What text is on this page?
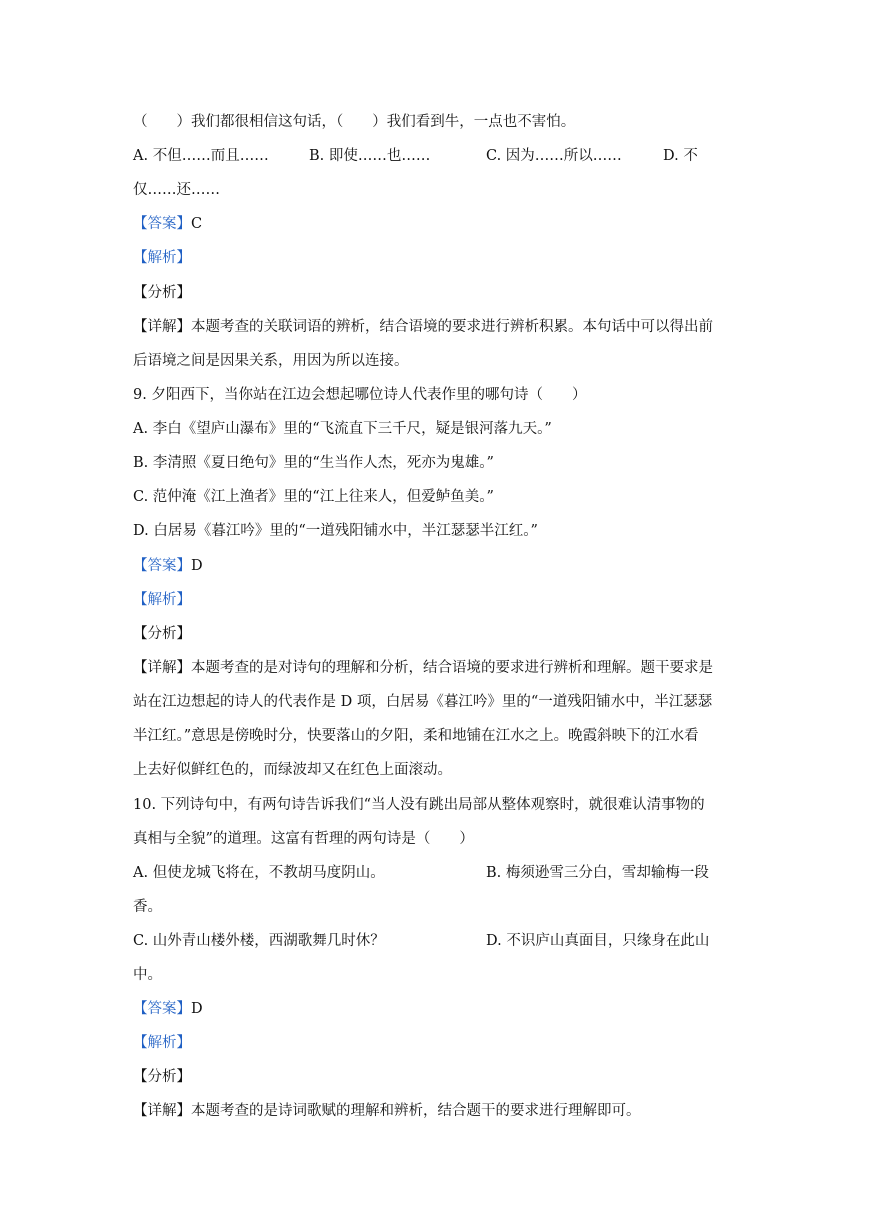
（　　）我们都很相信这句话，（　　）我们看到牛，一点也不害怕。
A. 不但……而且……	B. 即使……也……	C. 因为……所以……	D. 不
仅……还……
【答案】C
【解析】
【分析】
【详解】本题考查的关联词语的辨析，结合语境的要求进行辨析积累。本句话中可以得出前
后语境之间是因果关系，用因为所以连接。
9. 夕阳西下，当你站在江边会想起哪位诗人代表作里的哪句诗（　　）
A. 李白《望庐山瀑布》里的“飞流直下三千尺，疑是银河落九天。”
B. 李清照《夏日绝句》里的“生当作人杰，死亦为鬼雄。”
C. 范仲淹《江上渔者》里的“江上往来人，但爱鲈鱼美。”
D. 白居易《暮江吟》里的“一道残阳铺水中，半江瑟瑟半江红。”
【答案】D
【解析】
【分析】
【详解】本题考查的是对诗句的理解和分析，结合语境的要求进行辨析和理解。题干要求是
站在江边想起的诗人的代表作是 D 项，白居易《暮江吟》里的“一道残阳铺水中，半江瑟瑟
半江红。”意思是傍晚时分，快要落山的夕阳，柔和地铺在江水之上。晚霞斜映下的江水看
上去好似鲜红色的，而绿波却又在红色上面滚动。
10. 下列诗句中，有两句诗告诉我们“当人没有跳出局部从整体观察时，就很难认清事物的
真相与全貌”的道理。这富有哲理的两句诗是（　　）
A. 但使龙城飞将在，不教胡马度阴山。	B. 梅须逊雪三分白，雪却输梅一段
香。
C. 山外青山楼外楼，西湖歌舞几时休？	D. 不识庐山真面目，只缘身在此山
中。
【答案】D
【解析】
【分析】
【详解】本题考查的是诗词歌赋的理解和辨析，结合题干的要求进行理解即可。
